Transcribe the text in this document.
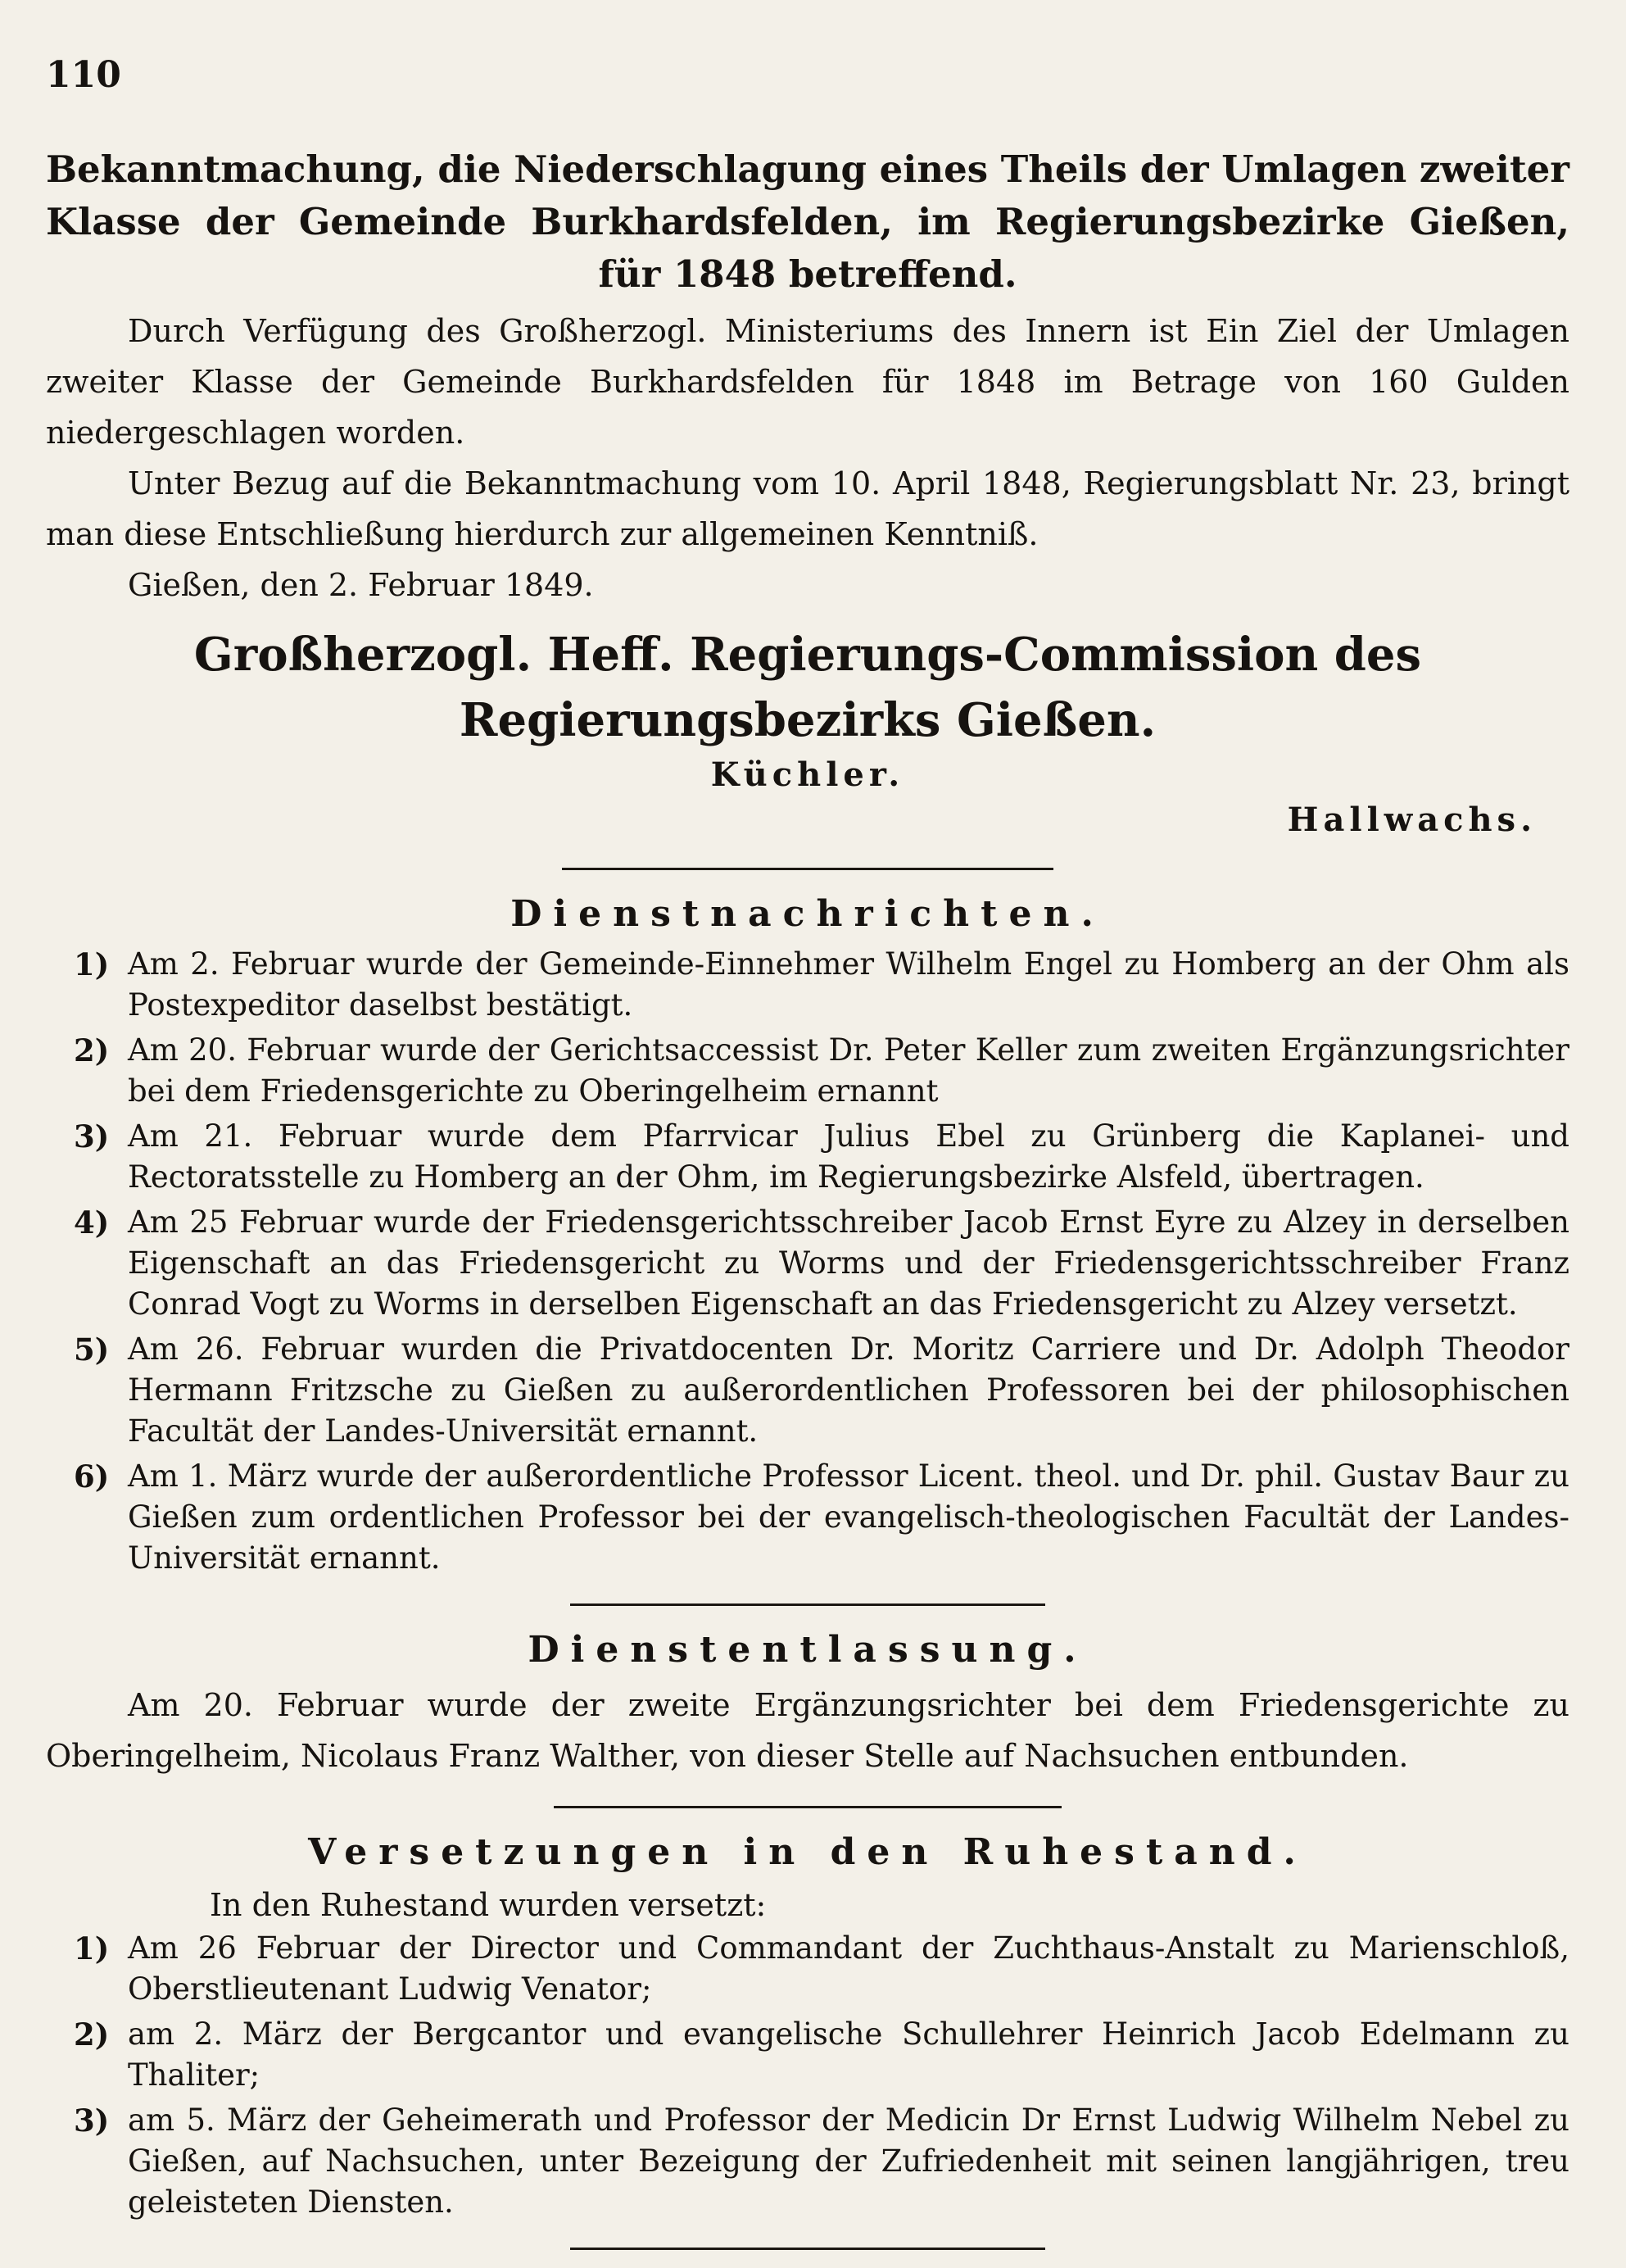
110
Bekanntmachung, die Niederschlagung eines Theils der Umlagen zweiter Klasse der Gemeinde Burkhardsfelden, im Regierungsbezirke Gießen, für 1848 betreffend.

Durch Verfügung des Großherzogl. Ministeriums des Innern ist Ein Ziel der Umlagen zweiter Klasse der Gemeinde Burkhardsfelden für 1848 im Betrage von 160 Gulden niedergeschlagen worden.

Unter Bezug auf die Bekanntmachung vom 10. April 1848, Regierungsblatt Nr. 23, bringt man diese Entschließung hierdurch zur allgemeinen Kenntniß.

Gießen, den 2. Februar 1849.

Großherzogl. Heff. Regierungs-Commission des Regierungsbezirks Gießen.
Küchler.
Hallwachs.
Dienstnachrichten.
1) Am 2. Februar wurde der Gemeinde-Einnehmer Wilhelm Engel zu Homberg an der Ohm als Postexpeditor daselbst bestätigt.
2) Am 20. Februar wurde der Gerichtsaccessist Dr. Peter Keller zum zweiten Ergänzungsrichter bei dem Friedensgerichte zu Oberingelheim ernannt
3) Am 21. Februar wurde dem Pfarrvicar Julius Ebel zu Grünberg die Kaplanei- und Rectoratsstelle zu Homberg an der Ohm, im Regierungsbezirke Alsfeld, übertragen.
4) Am 25 Februar wurde der Friedensgerichtsschreiber Jacob Ernst Eyre zu Alzey in derselben Eigenschaft an das Friedensgericht zu Worms und der Friedensgerichtsschreiber Franz Conrad Vogt zu Worms in derselben Eigenschaft an das Friedensgericht zu Alzey versetzt.
5) Am 26. Februar wurden die Privatdocenten Dr. Moritz Carriere und Dr. Adolph Theodor Hermann Fritzsche zu Gießen zu außerordentlichen Professoren bei der philosophischen Facultät der Landes-Universität ernannt.
6) Am 1. März wurde der außerordentliche Professor Licent. theol. und Dr. phil. Gustav Baur zu Gießen zum ordentlichen Professor bei der evangelisch-theologischen Facultät der Landes-Universität ernannt.
Dienstentlassung.

Am 20. Februar wurde der zweite Ergänzungsrichter bei dem Friedensgerichte zu Oberingelheim, Nicolaus Franz Walther, von dieser Stelle auf Nachsuchen entbunden.

Versetzungen in den Ruhestand.
In den Ruhestand wurden versetzt:
1) Am 26 Februar der Director und Commandant der Zuchthaus-Anstalt zu Marienschloß, Oberstlieutenant Ludwig Venator;
2) am 2. März der Bergcantor und evangelische Schullehrer Heinrich Jacob Edelmann zu Thaliter;
3) am 5. März der Geheimerath und Professor der Medicin Dr Ernst Ludwig Wilhelm Nebel zu Gießen, auf Nachsuchen, unter Bezeigung der Zufriedenheit mit seinen langjährigen, treu geleisteten Diensten.
